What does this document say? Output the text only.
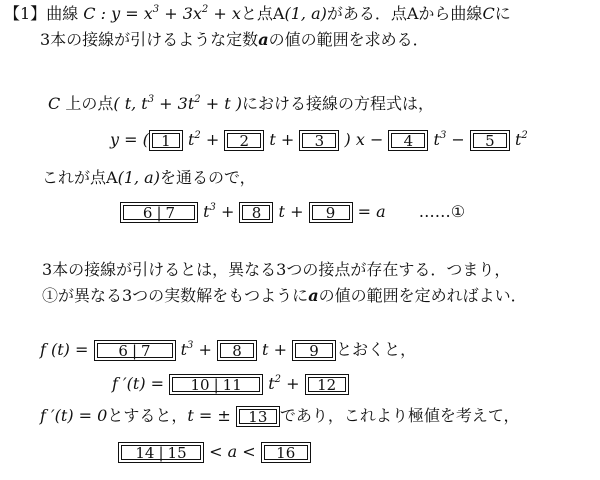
【1】曲線 C : $y = x^3 + 3x^2 + x$と点A(1, a)がある．点Aから曲線Cに
3本の接線が引けるような定数aの値の範囲を求める．
C 上の点( t, $t^3 + 3t^2 + t$ )における接線の方程式は，
y = ( 1 $t^2 + 2$ t + 3 ) x − 4 $t^3 - 5$ $t^2$
これが点A(1, a)を通るので，
6 | 7 $t^3 + 8$ t + 9 = a ……①
3本の接線が引けるとは，異なる3つの接点が存在する．つまり，
①が異なる3つの実数解をもつようにaの値の範囲を定めればよい．
f (t) = 6 | 7 $t^3 + 8$ t + 9 とおくと，
f ′(t) = 10 | 11 $t^2 + 12$
f ′(t) = 0とすると，t = ± 13 であり，これより極値を考えて，
14 | 15 < a < 16
